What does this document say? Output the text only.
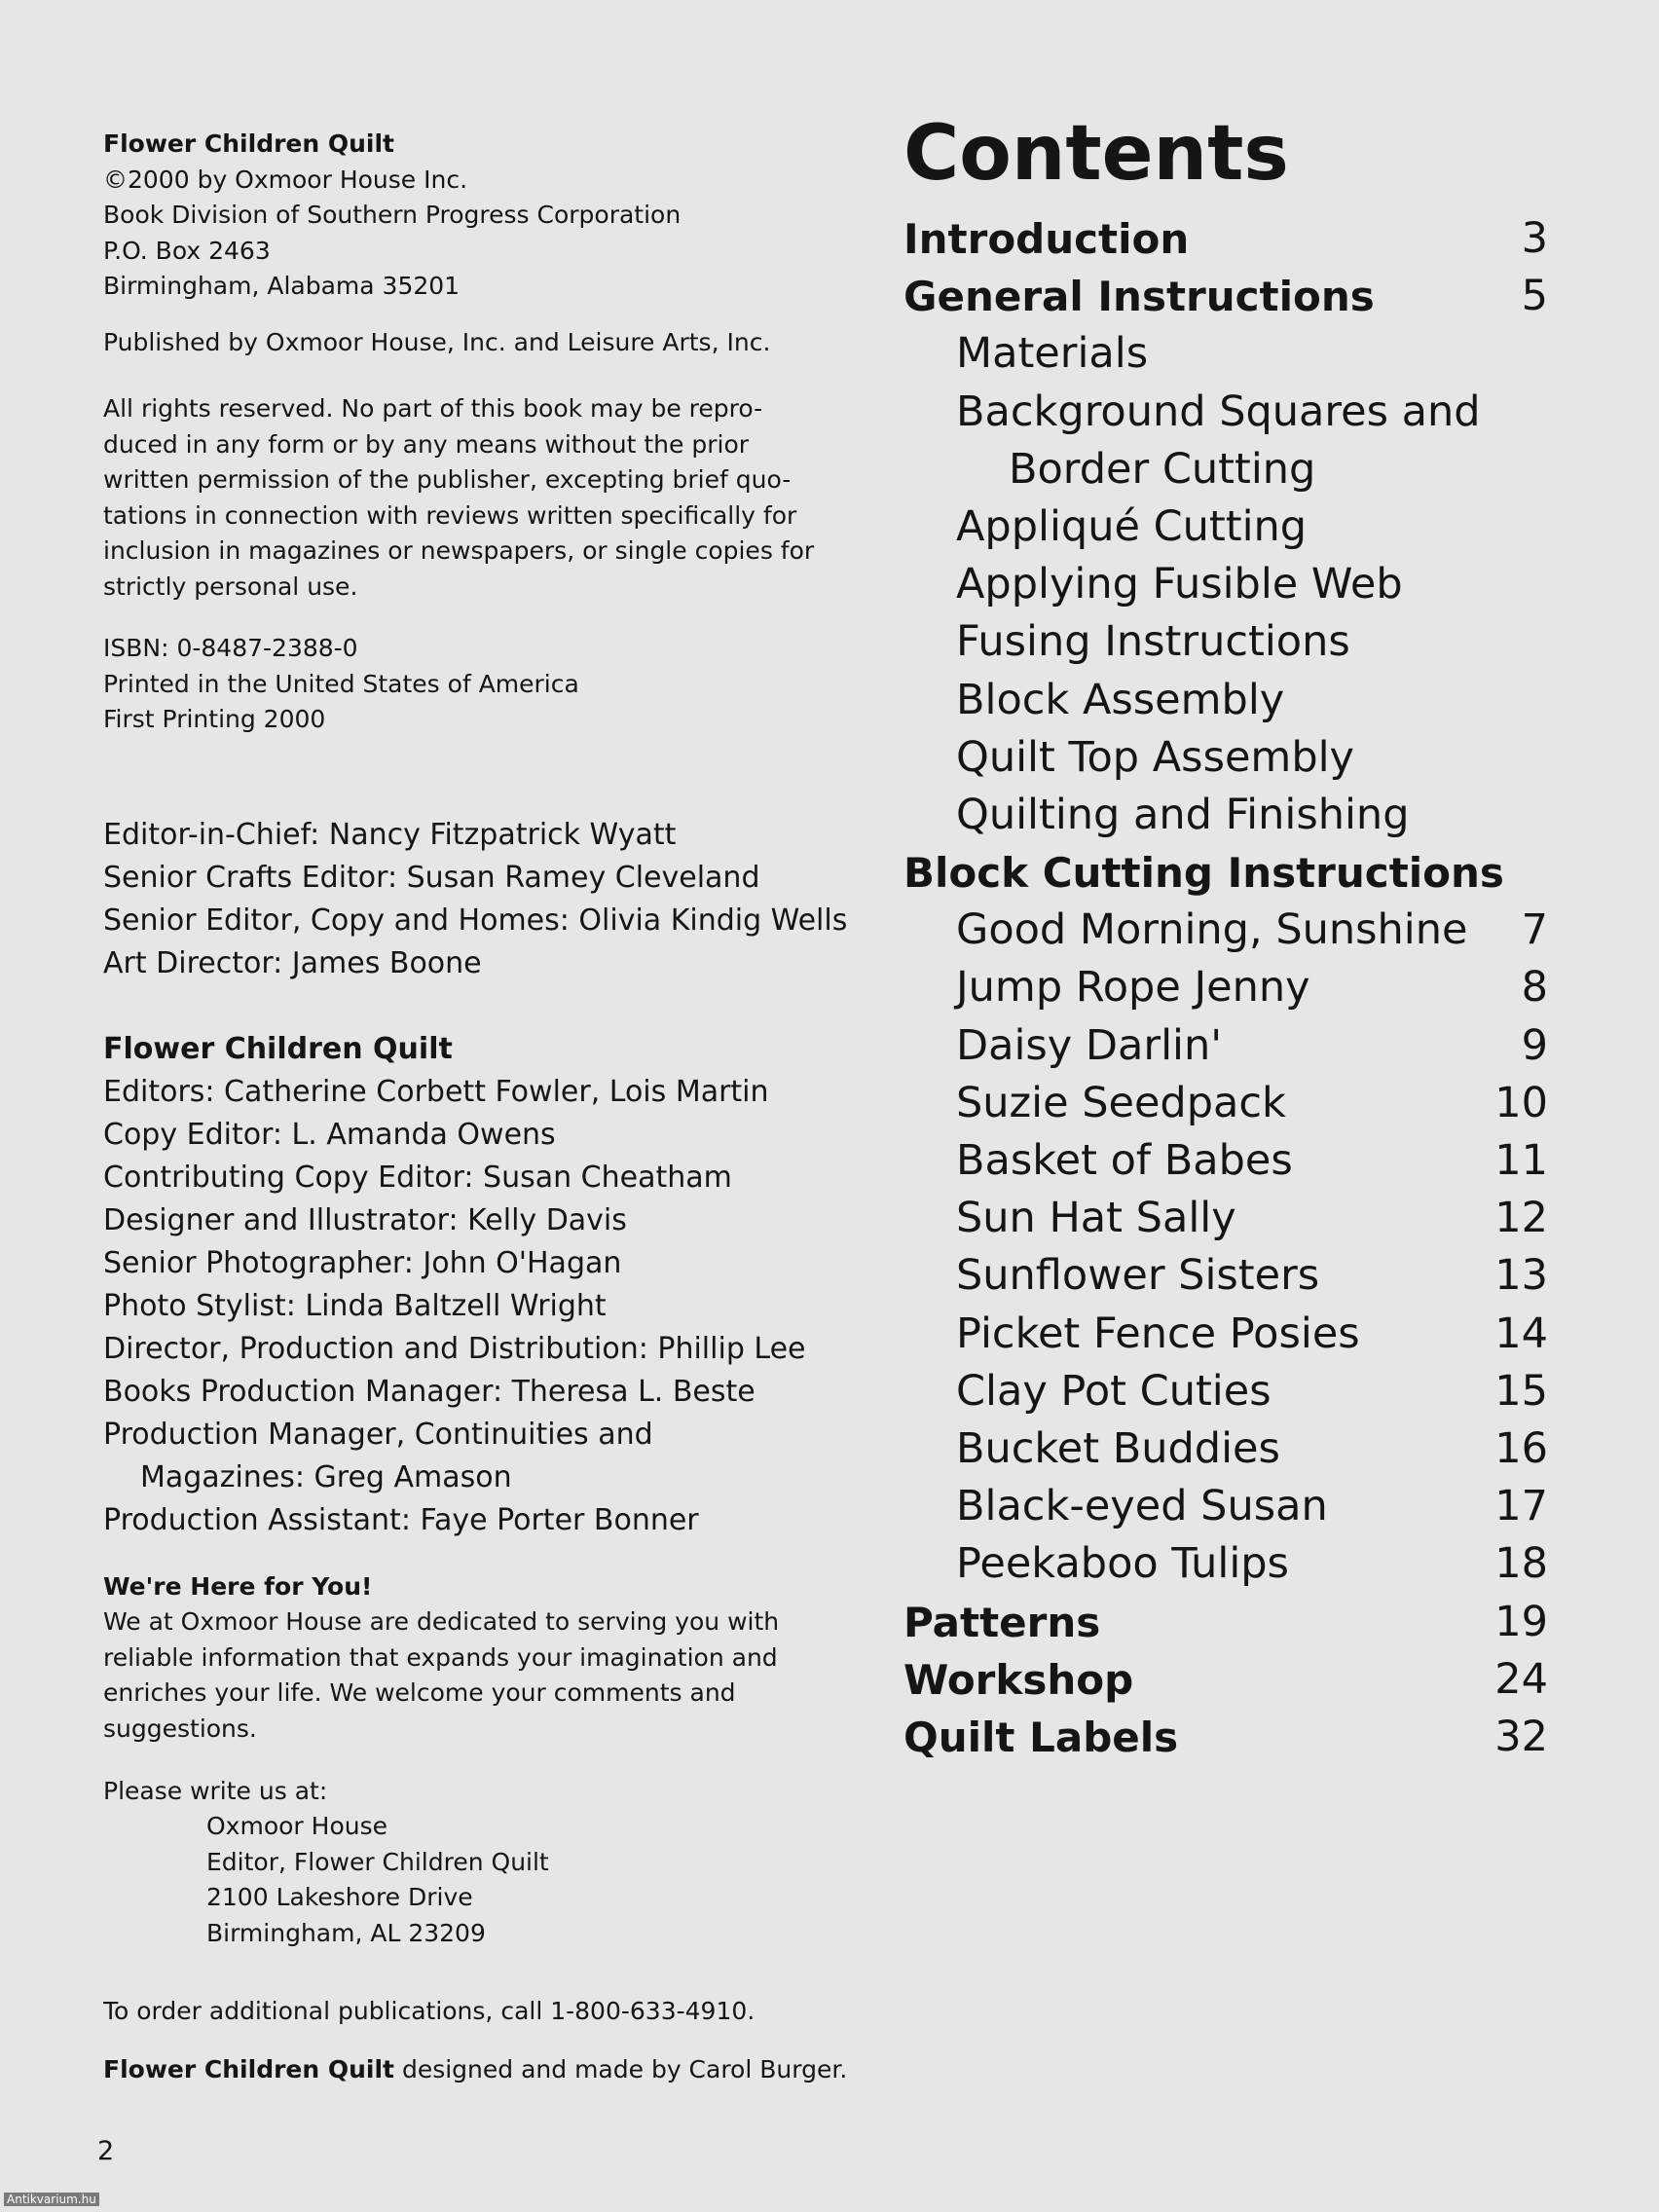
Flower Children Quilt
©2000 by Oxmoor House Inc.
Book Division of Southern Progress Corporation
P.O. Box 2463
Birmingham, Alabama 35201
Published by Oxmoor House, Inc. and Leisure Arts, Inc.
All rights reserved. No part of this book may be repro-
duced in any form or by any means without the prior
written permission of the publisher, excepting brief quo-
tations in connection with reviews written specifically for
inclusion in magazines or newspapers, or single copies for
strictly personal use.
ISBN: 0-8487-2388-0
Printed in the United States of America
First Printing 2000
Editor-in-Chief: Nancy Fitzpatrick Wyatt
Senior Crafts Editor: Susan Ramey Cleveland
Senior Editor, Copy and Homes: Olivia Kindig Wells
Art Director: James Boone
Flower Children Quilt
Editors: Catherine Corbett Fowler, Lois Martin
Copy Editor: L. Amanda Owens
Contributing Copy Editor: Susan Cheatham
Designer and Illustrator: Kelly Davis
Senior Photographer: John O'Hagan
Photo Stylist: Linda Baltzell Wright
Director, Production and Distribution: Phillip Lee
Books Production Manager: Theresa L. Beste
Production Manager, Continuities and
Magazines: Greg Amason
Production Assistant: Faye Porter Bonner
We're Here for You!
We at Oxmoor House are dedicated to serving you with
reliable information that expands your imagination and
enriches your life. We welcome your comments and
suggestions.
Please write us at:
Oxmoor House
Editor, Flower Children Quilt
2100 Lakeshore Drive
Birmingham, AL 23209
To order additional publications, call 1-800-633-4910.
Flower Children Quilt designed and made by Carol Burger.
Contents
Introduction	3
General Instructions	5
Materials
Background Squares and
Border Cutting
Appliqué Cutting
Applying Fusible Web
Fusing Instructions
Block Assembly
Quilt Top Assembly
Quilting and Finishing
Block Cutting Instructions
Good Morning, Sunshine 7
Jump Rope Jenny	8
Daisy Darlin'	9
Suzie Seedpack	10
Basket of Babes	11
Sun Hat Sally	12
Sunflower Sisters	13
Picket Fence Posies	14
Clay Pot Cuties	15
Bucket Buddies	16
Black-eyed Susan	17
Peekaboo Tulips	18
Patterns	19
Workshop	24
Quilt Labels	32
2
Antikvarium.hu
